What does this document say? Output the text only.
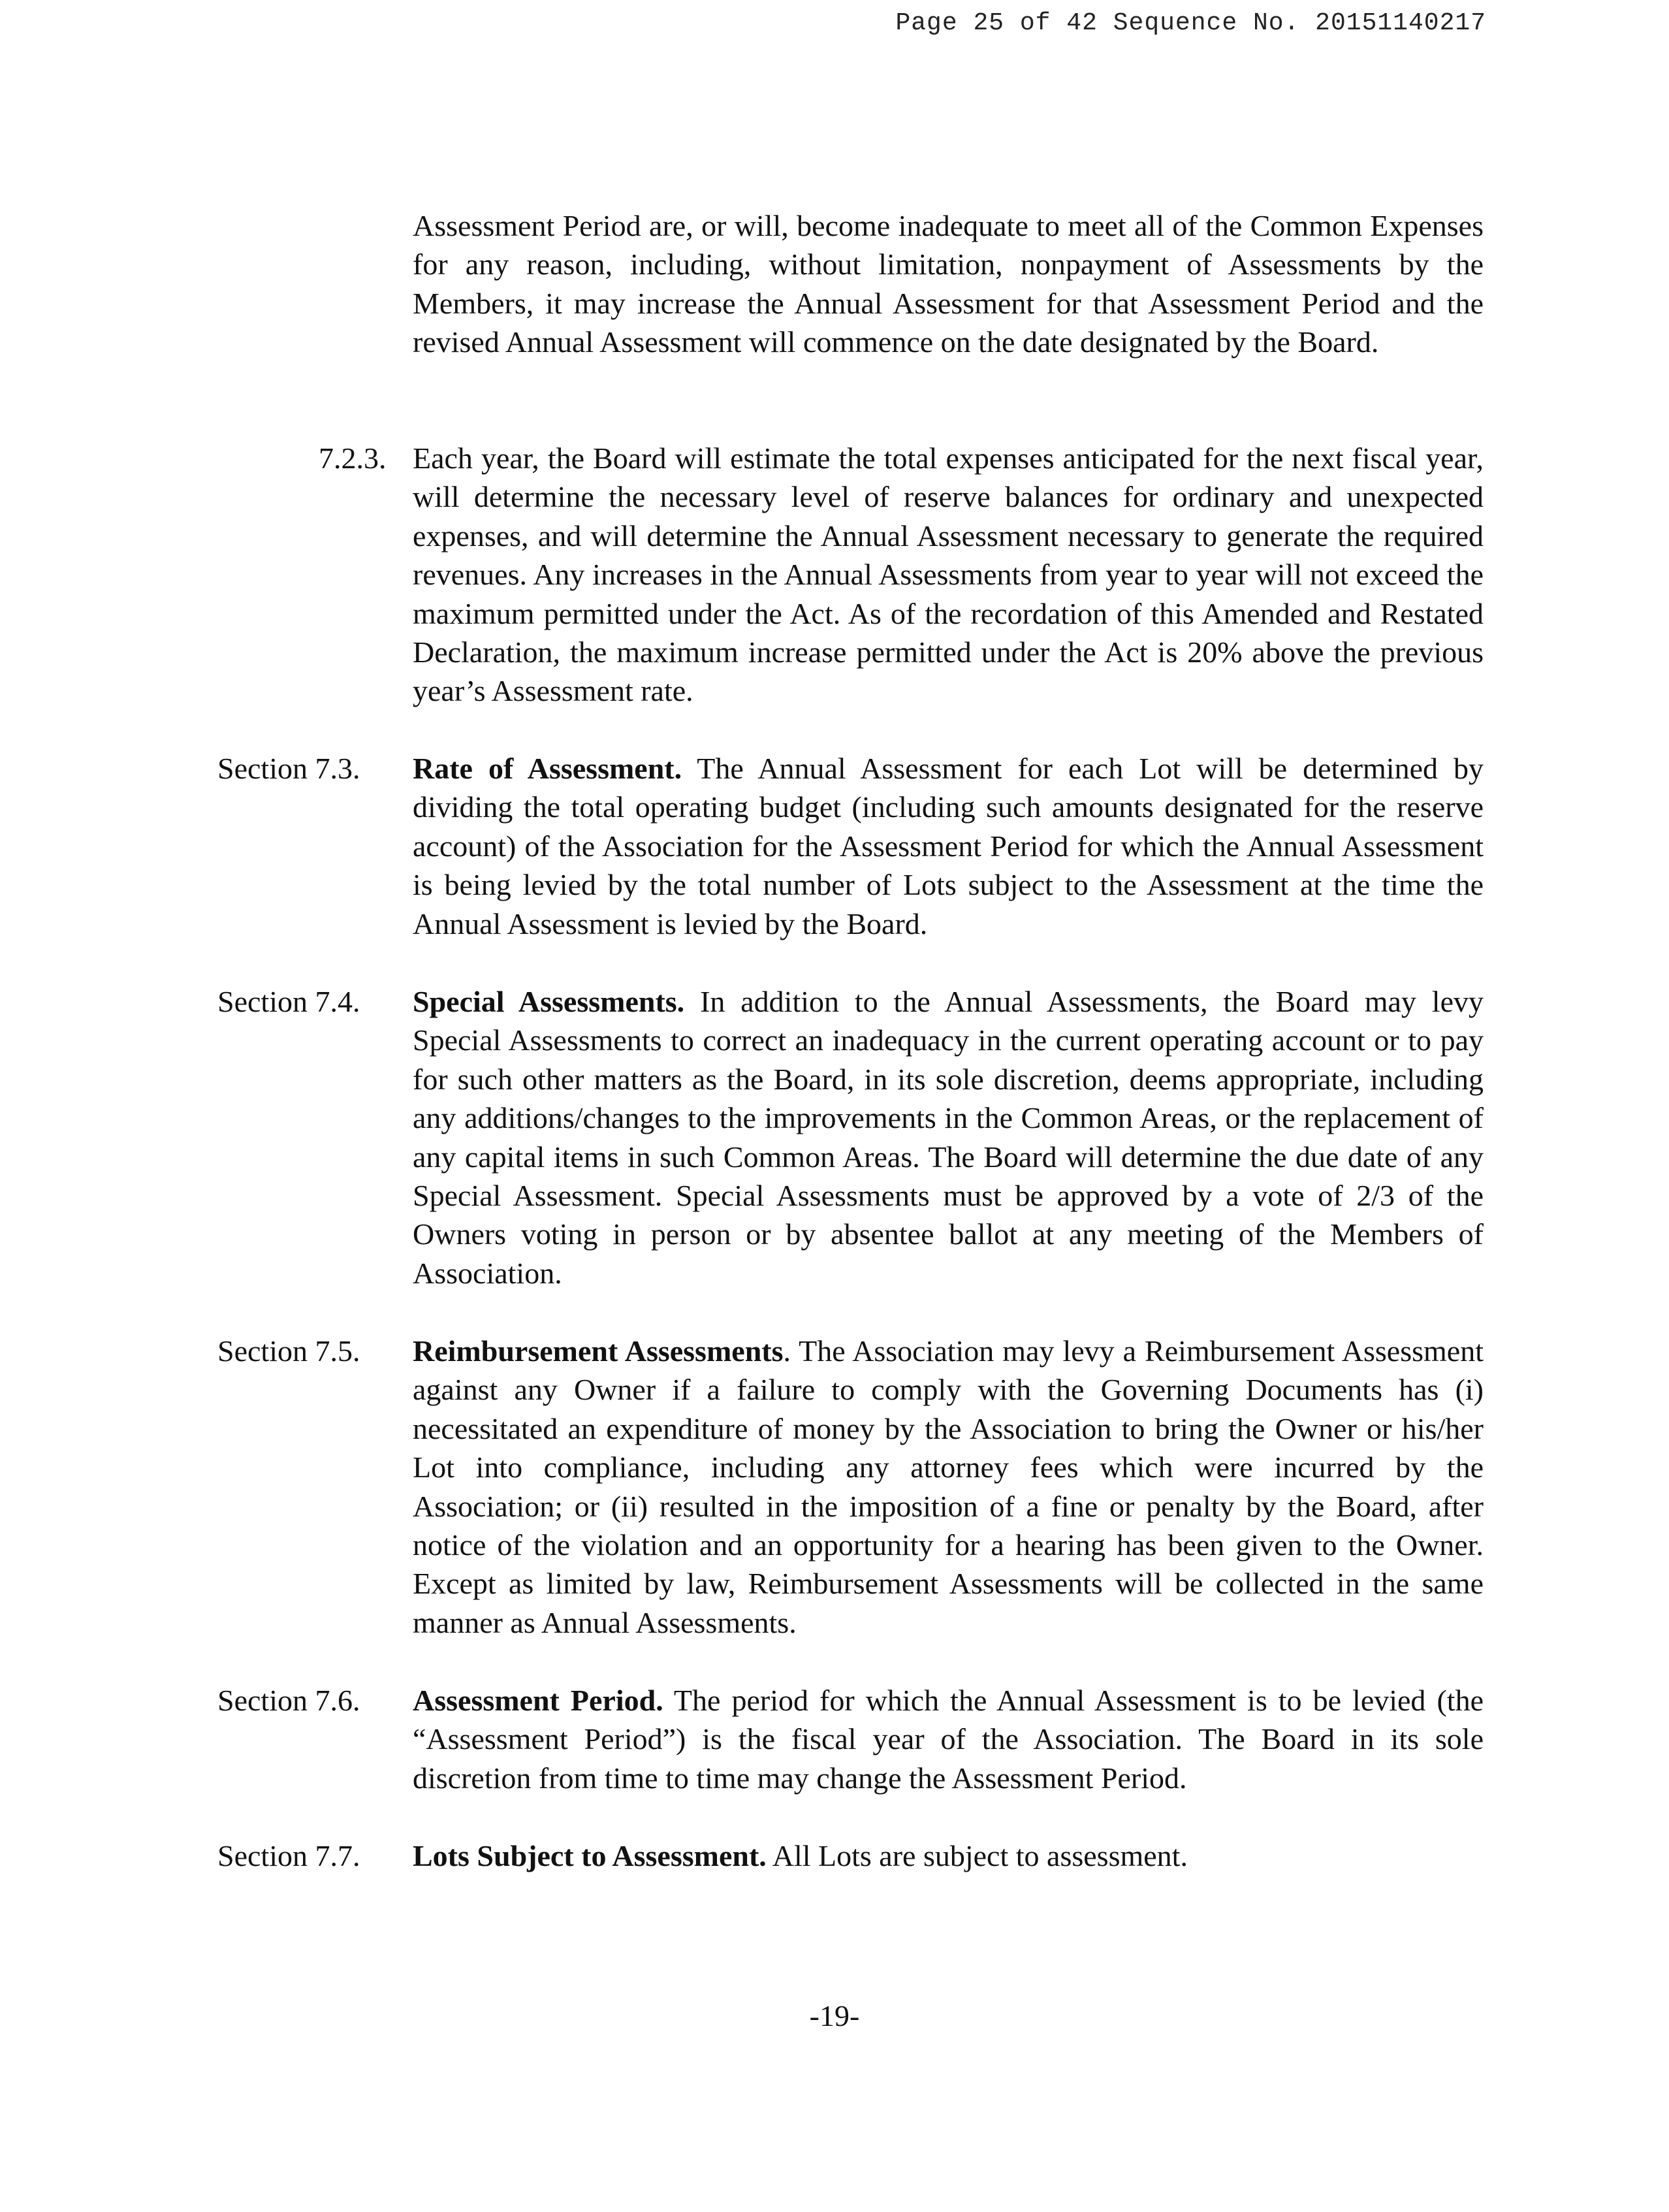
Page 25 of 42 Sequence No. 20151140217
Assessment Period are, or will, become inadequate to meet all of the Common Expenses for any reason, including, without limitation, nonpayment of Assessments by the Members, it may increase the Annual Assessment for that Assessment Period and the revised Annual Assessment will commence on the date designated by the Board.
7.2.3. Each year, the Board will estimate the total expenses anticipated for the next fiscal year, will determine the necessary level of reserve balances for ordinary and unexpected expenses, and will determine the Annual Assessment necessary to generate the required revenues. Any increases in the Annual Assessments from year to year will not exceed the maximum permitted under the Act. As of the recordation of this Amended and Restated Declaration, the maximum increase permitted under the Act is 20% above the previous year’s Assessment rate.
Section 7.3. Rate of Assessment. The Annual Assessment for each Lot will be determined by dividing the total operating budget (including such amounts designated for the reserve account) of the Association for the Assessment Period for which the Annual Assessment is being levied by the total number of Lots subject to the Assessment at the time the Annual Assessment is levied by the Board.
Section 7.4. Special Assessments. In addition to the Annual Assessments, the Board may levy Special Assessments to correct an inadequacy in the current operating account or to pay for such other matters as the Board, in its sole discretion, deems appropriate, including any additions/changes to the improvements in the Common Areas, or the replacement of any capital items in such Common Areas. The Board will determine the due date of any Special Assessment. Special Assessments must be approved by a vote of 2/3 of the Owners voting in person or by absentee ballot at any meeting of the Members of Association.
Section 7.5. Reimbursement Assessments. The Association may levy a Reimbursement Assessment against any Owner if a failure to comply with the Governing Documents has (i) necessitated an expenditure of money by the Association to bring the Owner or his/her Lot into compliance, including any attorney fees which were incurred by the Association; or (ii) resulted in the imposition of a fine or penalty by the Board, after notice of the violation and an opportunity for a hearing has been given to the Owner. Except as limited by law, Reimbursement Assessments will be collected in the same manner as Annual Assessments.
Section 7.6. Assessment Period. The period for which the Annual Assessment is to be levied (the “Assessment Period”) is the fiscal year of the Association. The Board in its sole discretion from time to time may change the Assessment Period.
Section 7.7. Lots Subject to Assessment. All Lots are subject to assessment.
-19-
